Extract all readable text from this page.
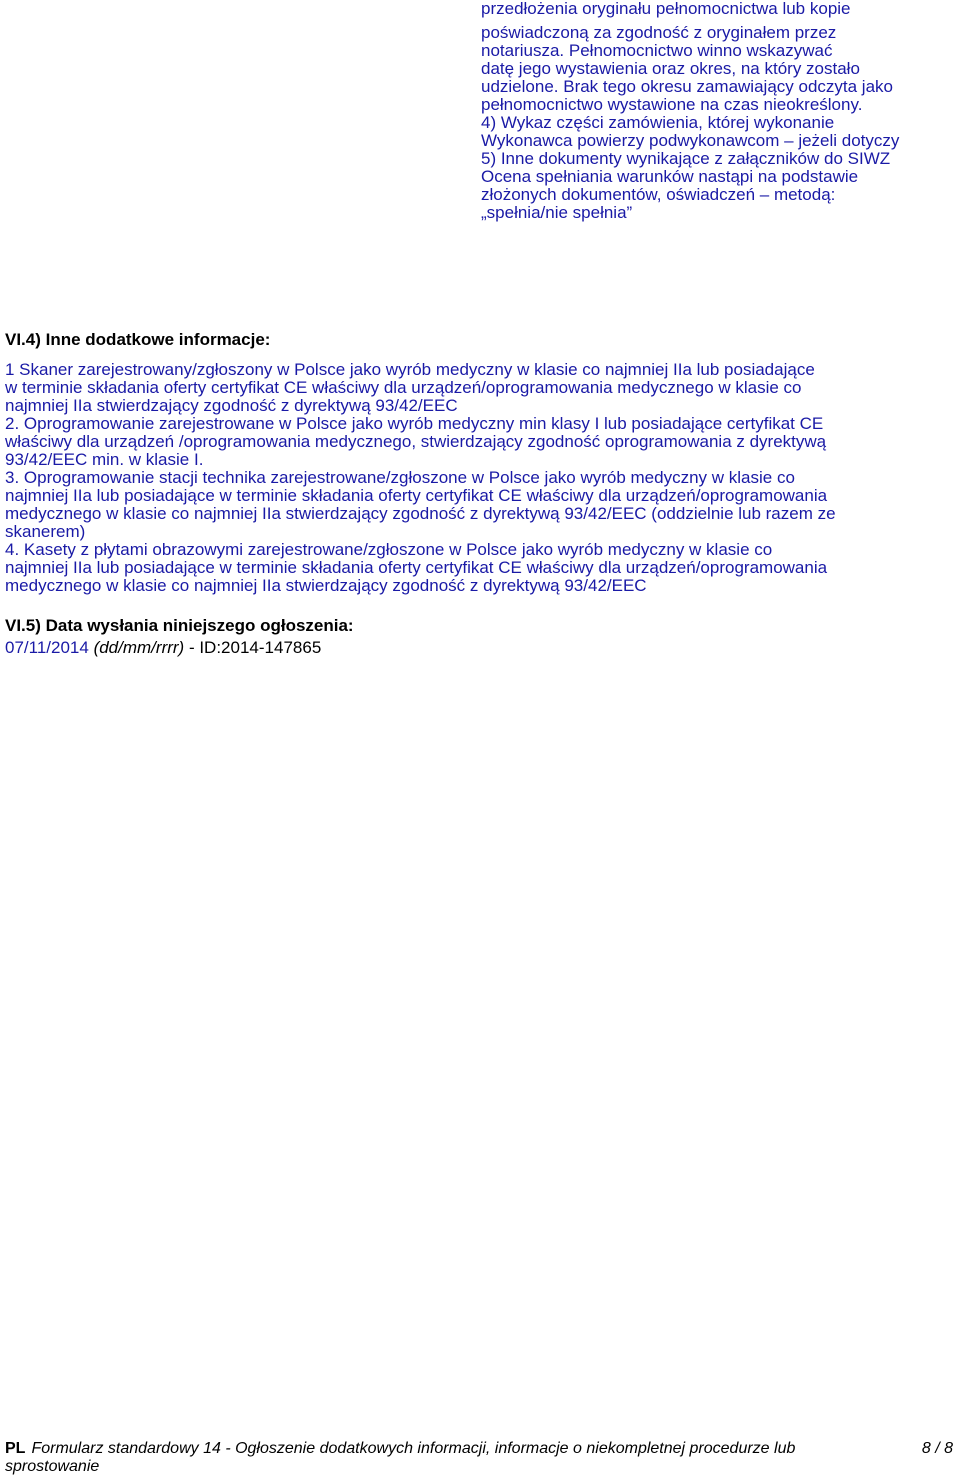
przedłożenia oryginału pełnomocnictwa lub kopie
poświadczoną za zgodność z oryginałem przez
notariusza. Pełnomocnictwo winno wskazywać
datę jego wystawienia oraz okres, na który zostało
udzielone. Brak tego okresu zamawiający odczyta jako
pełnomocnictwo wystawione na czas nieokreślony.
4) Wykaz części zamówienia, której wykonanie
Wykonawca powierzy podwykonawcom – jeżeli dotyczy
5) Inne dokumenty wynikające z załączników do SIWZ
Ocena spełniania warunków nastąpi na podstawie
złożonych dokumentów, oświadczeń – metodą:
„spełnia/nie spełnia”
VI.4) Inne dodatkowe informacje:
1 Skaner zarejestrowany/zgłoszony w Polsce jako wyrób medyczny w klasie co najmniej IIa lub posiadające
w terminie składania oferty certyfikat CE właściwy dla urządzeń/oprogramowania medycznego w klasie co
najmniej IIa stwierdzający zgodność z dyrektywą 93/42/EEC
2. Oprogramowanie zarejestrowane w Polsce jako wyrób medyczny min klasy I lub posiadające certyfikat CE
właściwy dla urządzeń /oprogramowania medycznego, stwierdzający zgodność oprogramowania z dyrektywą
93/42/EEC min. w klasie I.
3. Oprogramowanie stacji technika zarejestrowane/zgłoszone w Polsce jako wyrób medyczny w klasie co
najmniej IIa lub posiadające w terminie składania oferty certyfikat CE właściwy dla urządzeń/oprogramowania
medycznego w klasie co najmniej IIa stwierdzający zgodność z dyrektywą 93/42/EEC (oddzielnie lub razem ze
skanerem)
4. Kasety z płytami obrazowymi zarejestrowane/zgłoszone w Polsce jako wyrób medyczny w klasie co
najmniej IIa lub posiadające w terminie składania oferty certyfikat CE właściwy dla urządzeń/oprogramowania
medycznego w klasie co najmniej IIa stwierdzający zgodność z dyrektywą 93/42/EEC
VI.5) Data wysłania niniejszego ogłoszenia:
07/11/2014 (dd/mm/rrrr) - ID:2014-147865
PL Formularz standardowy 14 - Ogłoszenie dodatkowych informacji, informacje o niekompletnej procedurze lub sprostowanie
8 / 8
